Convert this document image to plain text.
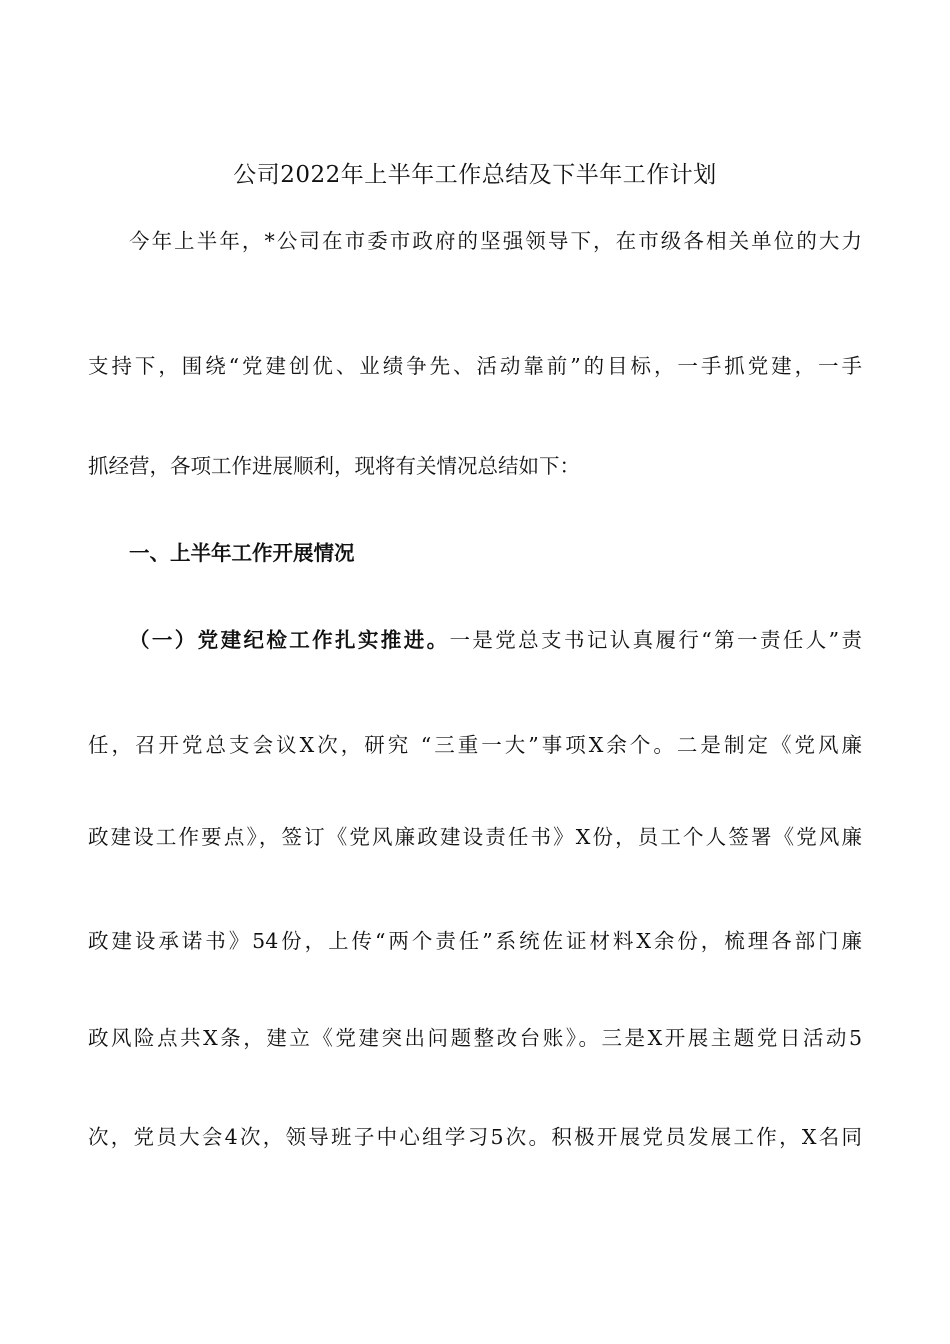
公司2022年上半年工作总结及下半年工作计划
今年上半年，*公司在市委市政府的坚强领导下，在市级各相关单位的大力
支持下，围绕“党建创优、业绩争先、活动靠前”的目标，一手抓党建，一手
抓经营，各项工作进展顺利，现将有关情况总结如下：
一、上半年工作开展情况
（一）党建纪检工作扎实推进。一是党总支书记认真履行“第一责任人”责
任，召开党总支会议X次，研究 “三重一大”事项X余个。二是制定《党风廉
政建设工作要点》，签订《党风廉政建设责任书》X份，员工个人签署《党风廉
政建设承诺书》54份，上传“两个责任”系统佐证材料X余份，梳理各部门廉
政风险点共X条，建立《党建突出问题整改台账》。三是X开展主题党日活动5
次，党员大会4次，领导班子中心组学习5次。积极开展党员发展工作，X名同
